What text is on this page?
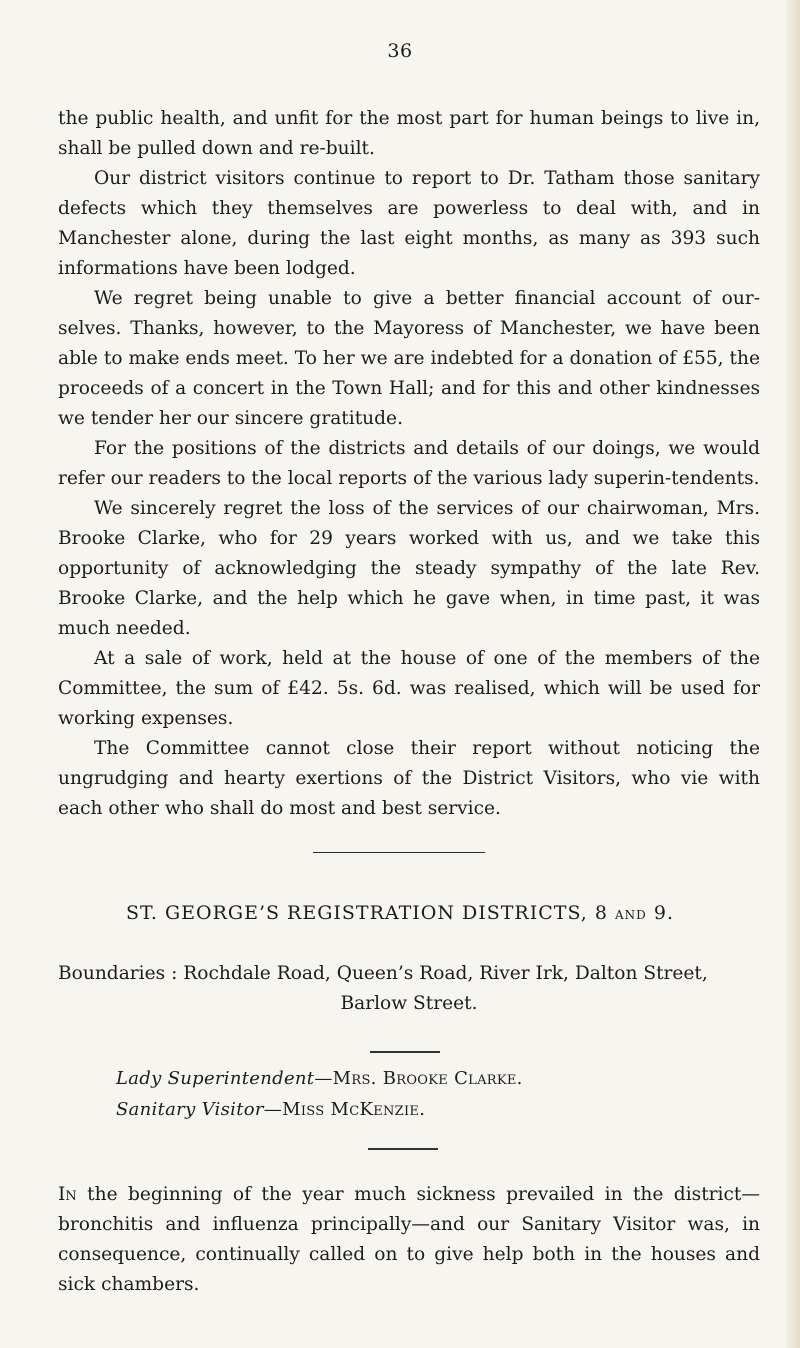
36

the public health, and unfit for the most part for human beings to live in, shall be pulled down and re-built.

Our district visitors continue to report to Dr. Tatham those sanitary defects which they themselves are powerless to deal with, and in Manchester alone, during the last eight months, as many as 393 such informations have been lodged.

We regret being unable to give a better financial account of our-selves. Thanks, however, to the Mayoress of Manchester, we have been able to make ends meet. To her we are indebted for a donation of £55, the proceeds of a concert in the Town Hall; and for this and other kindnesses we tender her our sincere gratitude.

For the positions of the districts and details of our doings, we would refer our readers to the local reports of the various lady superin-tendents.

We sincerely regret the loss of the services of our chairwoman, Mrs. Brooke Clarke, who for 29 years worked with us, and we take this opportunity of acknowledging the steady sympathy of the late Rev. Brooke Clarke, and the help which he gave when, in time past, it was much needed.

At a sale of work, held at the house of one of the members of the Committee, the sum of £42. 5s. 6d. was realised, which will be used for working expenses.

The Committee cannot close their report without noticing the ungrudging and hearty exertions of the District Visitors, who vie with each other who shall do most and best service.

ST. GEORGE’S REGISTRATION DISTRICTS, 8 AND 9.
Boundaries : Rochdale Road, Queen’s Road, River Irk, Dalton Street,
Barlow Street.
Lady Superintendent—Mrs. Brooke Clarke.
Sanitary Visitor—Miss McKenzie.
In the beginning of the year much sickness prevailed in the district—bronchitis and influenza principally—and our Sanitary Visitor was, in consequence, continually called on to give help both in the houses and sick chambers.
